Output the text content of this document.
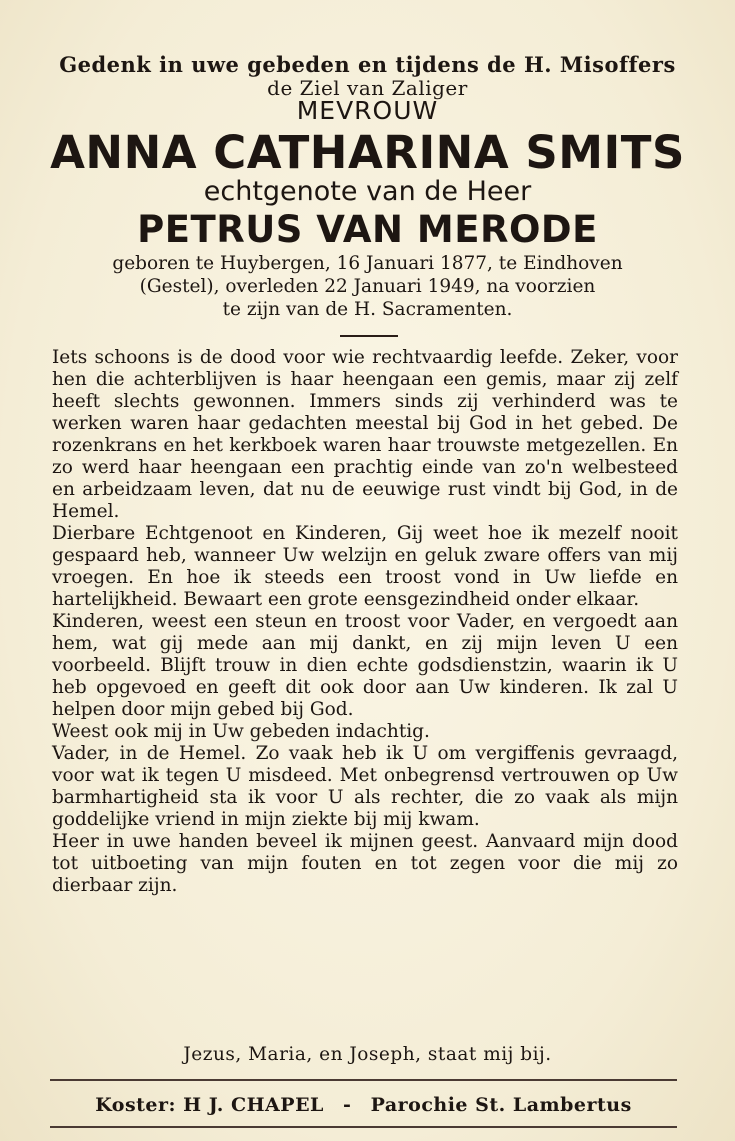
Gedenk in uwe gebeden en tijdens de H. Misoffers
de Ziel van Zaliger
MEVROUW
ANNA CATHARINA SMITS
echtgenote van de Heer
PETRUS VAN MERODE
geboren te Huybergen, 16 Januari 1877, te Eindhoven
(Gestel), overleden 22 Januari 1949, na voorzien
te zijn van de H. Sacramenten.

Iets schoons is de dood voor wie rechtvaardig leefde. Zeker, voor hen die achterblijven is haar heengaan een gemis, maar zij zelf heeft slechts gewonnen. Immers sinds zij verhinderd was te werken waren haar gedachten meestal bij God in het gebed. De rozenkrans en het kerkboek waren haar trouwste metgezellen. En zo werd haar heengaan een prachtig einde van zo'n welbesteed en arbeidzaam leven, dat nu de eeuwige rust vindt bij God, in de Hemel.

Dierbare Echtgenoot en Kinderen, Gij weet hoe ik mezelf nooit gespaard heb, wanneer Uw welzijn en geluk zware offers van mij vroegen. En hoe ik steeds een troost vond in Uw liefde en hartelijkheid. Bewaart een grote eensgezindheid onder elkaar.

Kinderen, weest een steun en troost voor Vader, en vergoedt aan hem, wat gij mede aan mij dankt, en zij mijn leven U een voorbeeld. Blijft trouw in dien echte godsdienstzin, waarin ik U heb opgevoed en geeft dit ook door aan Uw kinderen. Ik zal U helpen door mijn gebed bij God.

Weest ook mij in Uw gebeden indachtig.

Vader, in de Hemel. Zo vaak heb ik U om vergiffenis gevraagd, voor wat ik tegen U misdeed. Met onbegrensd vertrouwen op Uw barmhartigheid sta ik voor U als rechter, die zo vaak als mijn goddelijke vriend in mijn ziekte bij mij kwam.

Heer in uwe handen beveel ik mijnen geest. Aanvaard mijn dood tot uitboeting van mijn fouten en tot zegen voor die mij zo dierbaar zijn.

Jezus, Maria, en Joseph, staat mij bij.
Koster: H J. CHAPEL - Parochie St. Lambertus
